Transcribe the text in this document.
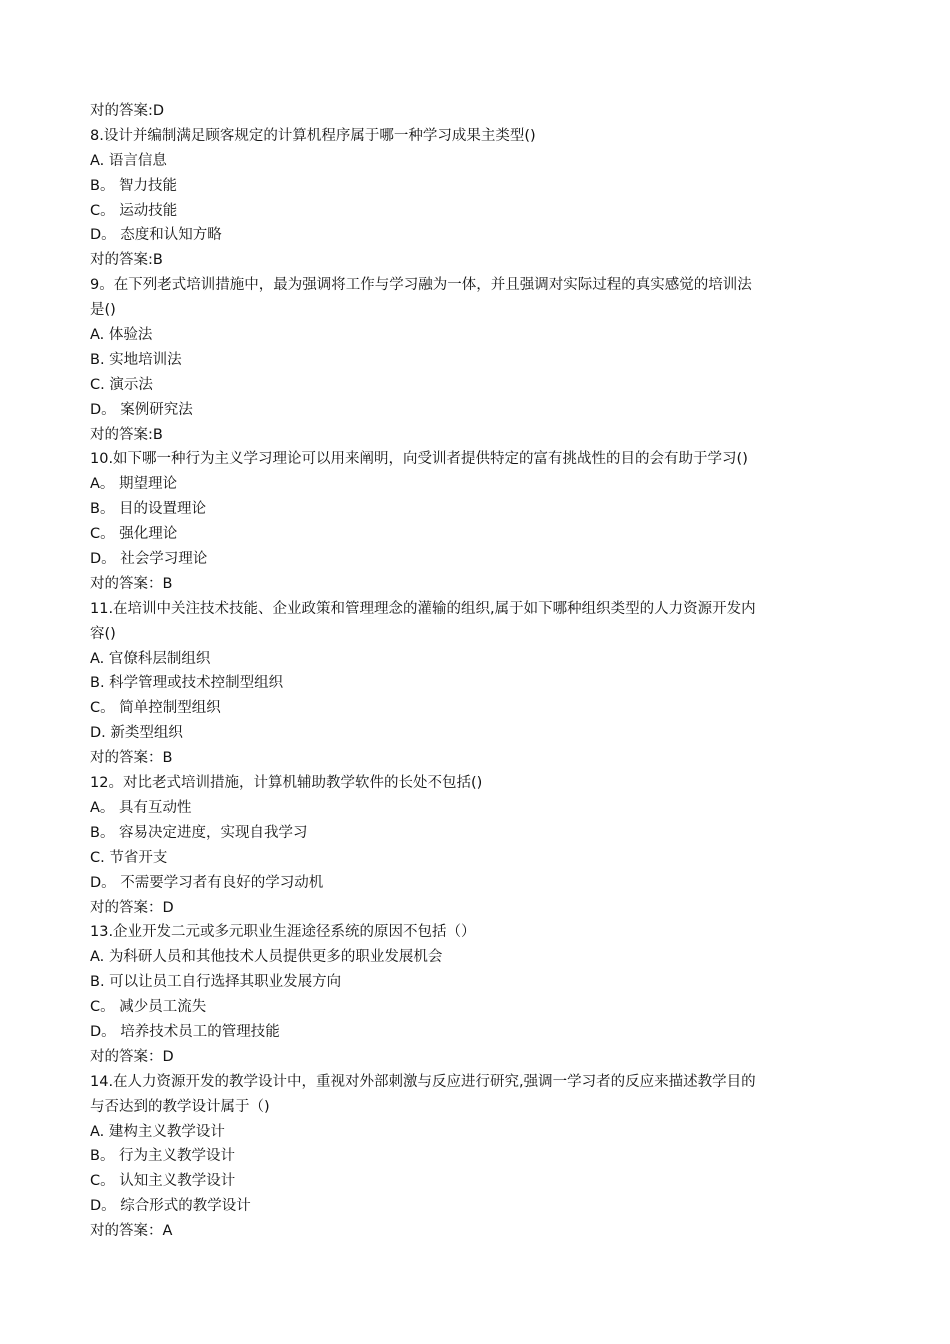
对的答案:D
8.设计并编制满足顾客规定的计算机程序属于哪一种学习成果主类型()
A. 语言信息
B。 智力技能
C。 运动技能
D。 态度和认知方略
对的答案:B
9。在下列老式培训措施中，最为强调将工作与学习融为一体，并且强调对实际过程的真实感觉的培训法
是()
A. 体验法
B. 实地培训法
C. 演示法
D。 案例研究法
对的答案:B
10.如下哪一种行为主义学习理论可以用来阐明，向受训者提供特定的富有挑战性的目的会有助于学习()
A。 期望理论
B。 目的设置理论
C。 强化理论
D。 社会学习理论
对的答案：B
11.在培训中关注技术技能、企业政策和管理理念的灌输的组织,属于如下哪种组织类型的人力资源开发内
容()
A. 官僚科层制组织
B. 科学管理或技术控制型组织
C。 简单控制型组织
D. 新类型组织
对的答案：B
12。对比老式培训措施，计算机辅助教学软件的长处不包括()
A。 具有互动性
B。 容易决定进度，实现自我学习
C. 节省开支
D。 不需要学习者有良好的学习动机
对的答案：D
13.企业开发二元或多元职业生涯途径系统的原因不包括（）
A. 为科研人员和其他技术人员提供更多的职业发展机会
B. 可以让员工自行选择其职业发展方向
C。 减少员工流失
D。 培养技术员工的管理技能
对的答案：D
14.在人力资源开发的教学设计中，重视对外部刺激与反应进行研究,强调一学习者的反应来描述教学目的
与否达到的教学设计属于（)
A. 建构主义教学设计
B。 行为主义教学设计
C。 认知主义教学设计
D。 综合形式的教学设计
对的答案：A
